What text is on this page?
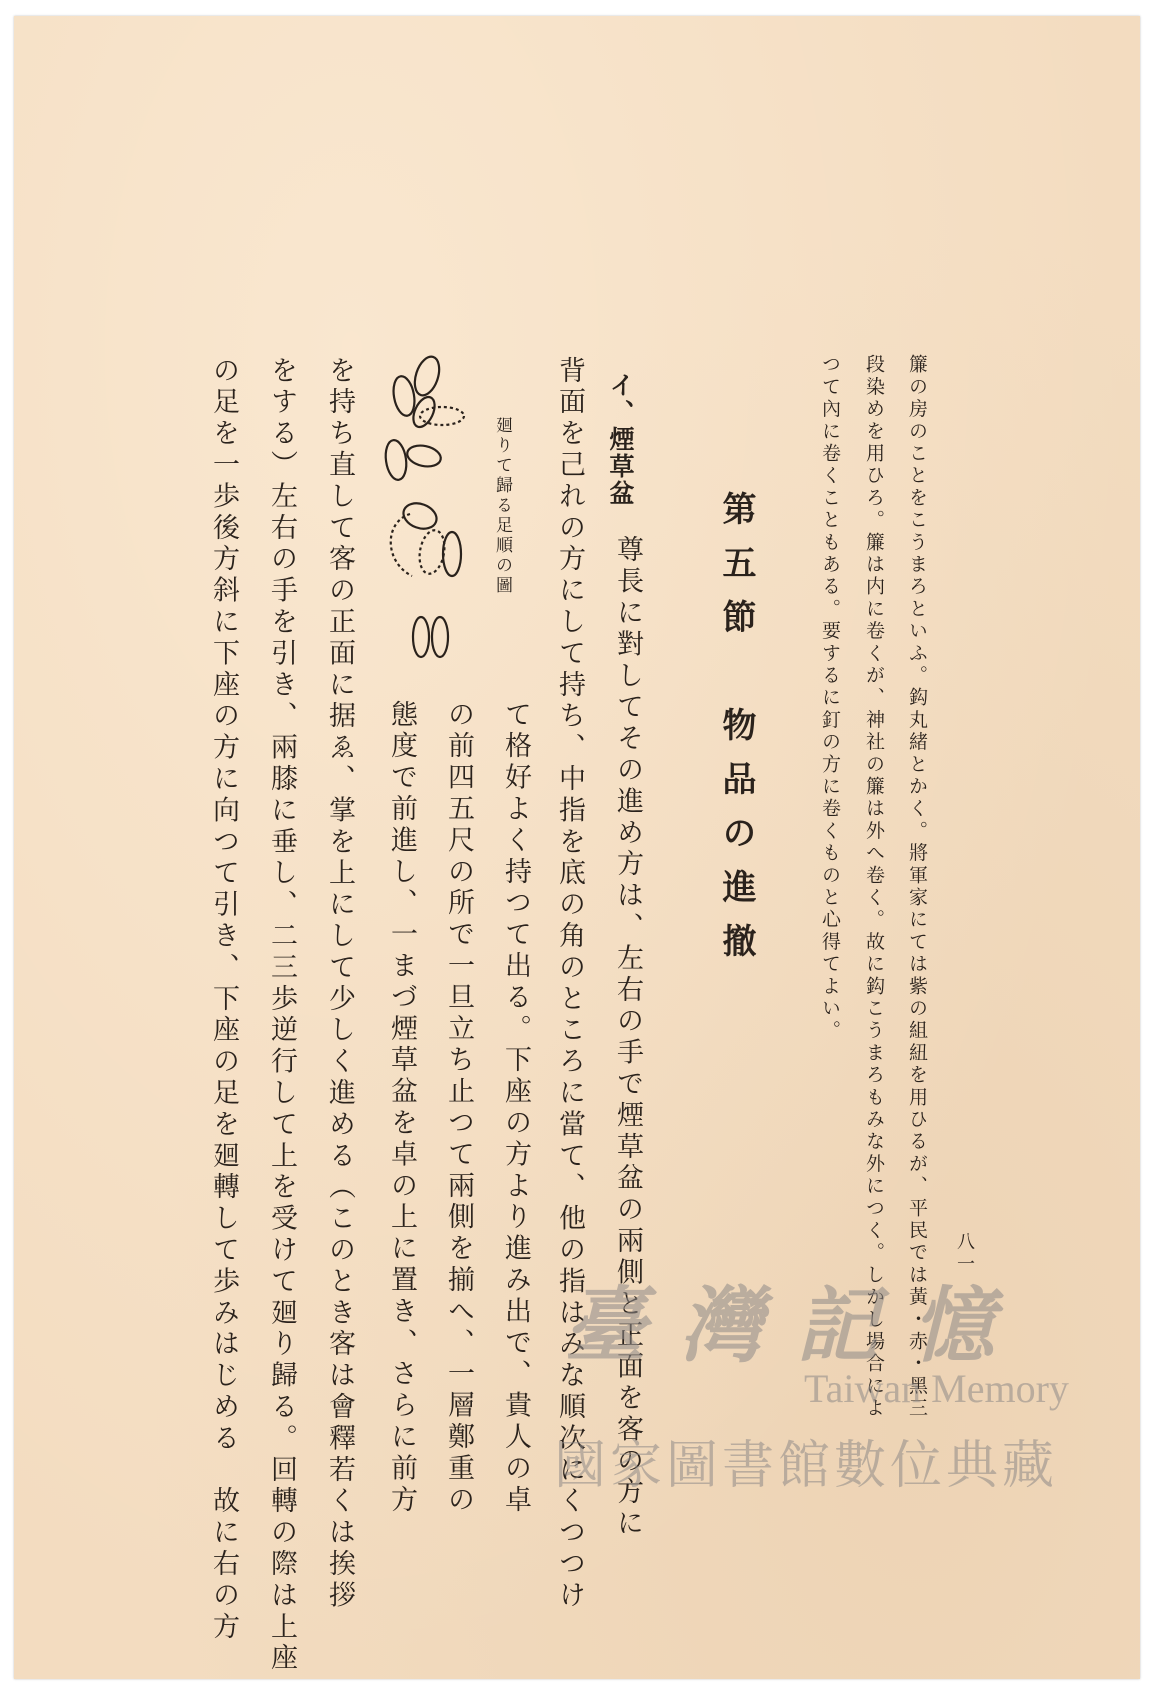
簾の房のことをこうまろといふ。鈎丸緒とかく。將軍家にては紫の組紐を用ひるが、平民では黃・赤・黑三
段染めを用ひろ。簾は内に卷くが、神社の簾は外へ卷く。故に鈎こうまろもみな外につく。しかし場合によ
つて內に卷くこともある。要するに釘の方に卷くものと心得てよい。
八一
第五節　物品の進撤
イ、煙草盆
　尊長に對してその進め方は、左右の手で煙草盆の兩側と正面を客の方に
背面を己れの方にして持ち、中指を底の角のところに當て、他の指はみな順次にくつつけ
て格好よく持つて出る。下座の方より進み出で、貴人の卓
の前四五尺の所で一旦立ち止つて兩側を揃へ、一層鄭重の
態度で前進し、一まづ煙草盆を卓の上に置き、さらに前方
を持ち直して客の正面に据ゑ、掌を上にして少しく進める（このとき客は會釋若くは挨拶
をする）左右の手を引き、兩膝に垂し、二三歩逆行して上を受けて廻り歸る。回轉の際は上座
の足を一歩後方斜に下座の方に向つて引き、下座の足を廻轉して歩みはじめる　故に右の方	廻りて歸る足順の圖
臺灣記憶
Taiwan Memory
國家圖書館數位典藏
